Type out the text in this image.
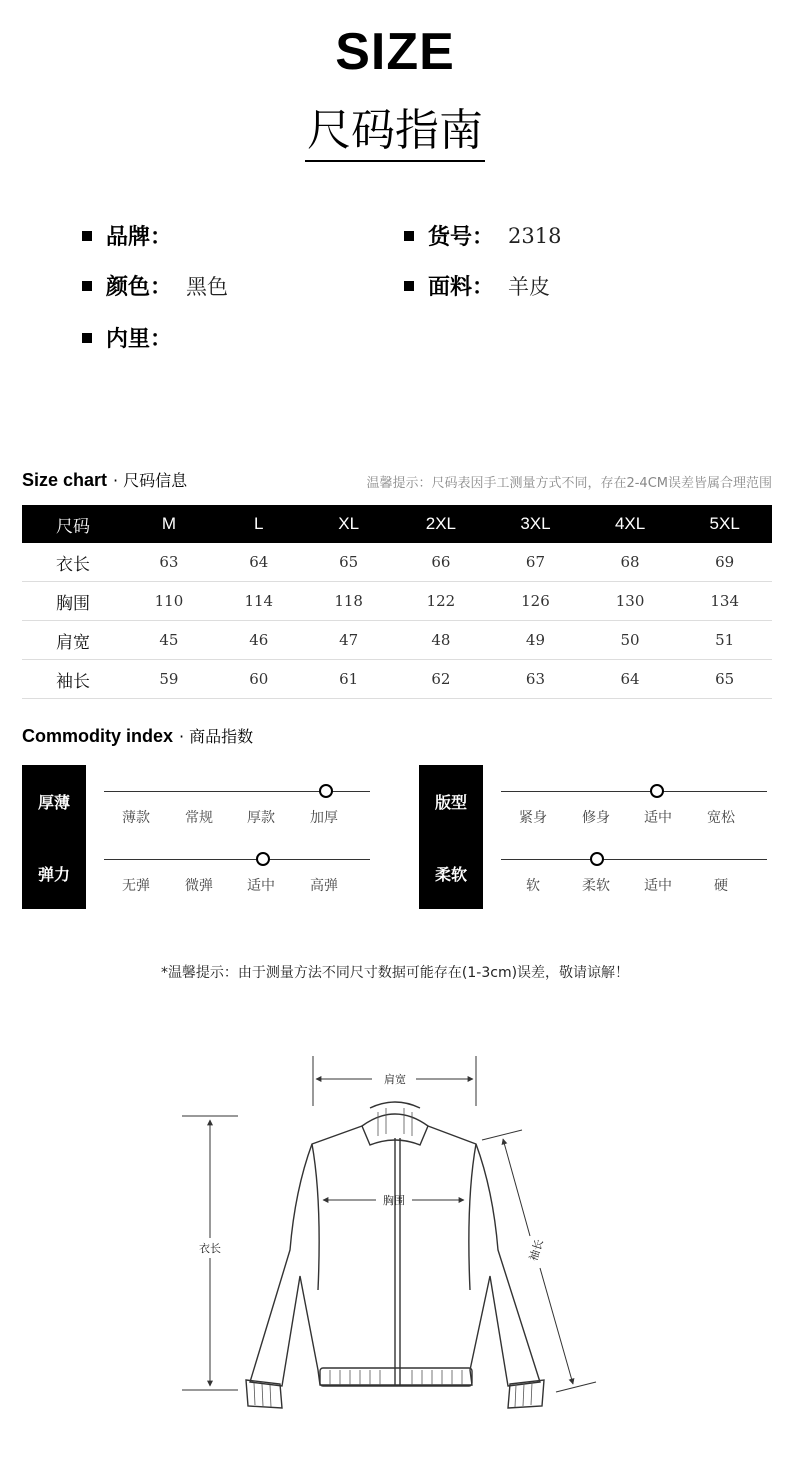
SIZE
尺码指南
品牌：	货号： 2318
颜色： 黑色	面料： 羊皮
内里：
Size chart · 尺码信息	温馨提示：尺码表因手工测量方式不同，存在2-4CM误差皆属合理范围
尺码	M	L	XL	2XL	3XL	4XL	5XL
衣长	63	64	65	66	67	68	69
胸围	110	114	118	122	126	130	134
肩宽	45	46	47	48	49	50	51
袖长	59	60	61	62	63	64	65
Commodity index · 商品指数
厚薄
弹力
薄款	常规	厚款	加厚
无弹	微弹	适中	高弹
版型
柔软
紧身	修身	适中	宽松
软	柔软	适中	硬
*温馨提示：由于测量方法不同尺寸数据可能存在(1-3cm)误差，敬请谅解！
肩宽
胸围
衣长	袖长
